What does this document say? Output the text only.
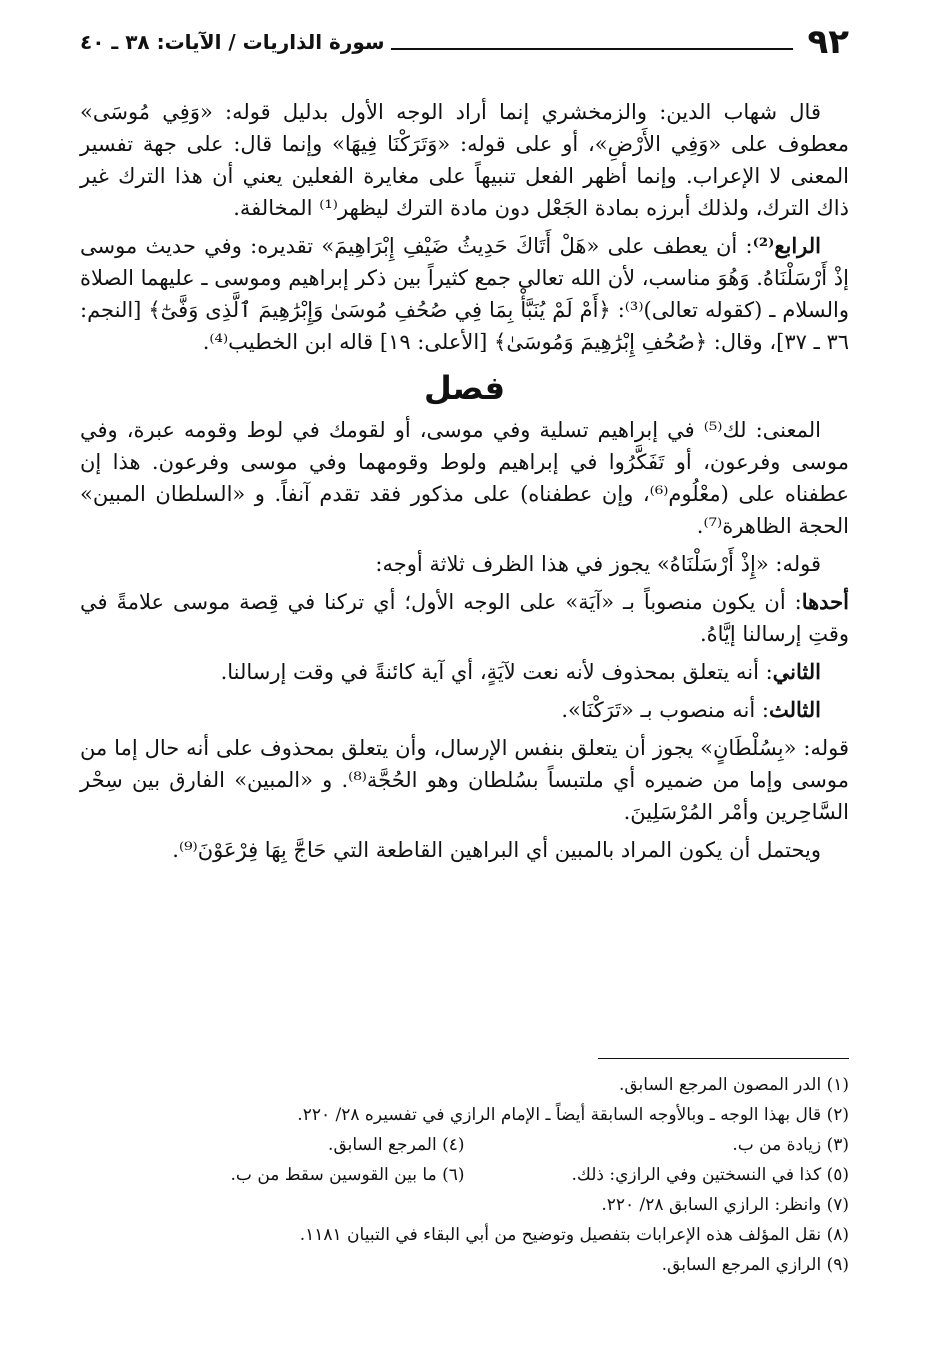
٩٢
سورة الذاريات / الآيات: ٣٨ ـ ٤٠

قال شهاب الدين: والزمخشري إنما أراد الوجه الأول بدليل قوله: «وَفِي مُوسَى» معطوف على «وَفِي الأَرْضِ»، أو على قوله: «وَتَرَكْنَا فِيهَا» وإنما قال: على جهة تفسير المعنى لا الإعراب. وإنما أظهر الفعل تنبيهاً على مغايرة الفعلين يعني أن هذا الترك غير ذاك الترك، ولذلك أبرزه بمادة الجَعْل دون مادة الترك ليظهر⁽¹⁾ المخالفة.

الرابع⁽²⁾: أن يعطف على «هَلْ أَتَاكَ حَدِيثُ ضَيْفِ إِبْرَاهِيمَ» تقديره: وفي حديث موسى إذْ أَرْسَلْنَاهُ. وَهُوَ مناسب، لأن الله تعالى جمع كثيراً بين ذكر إبراهيم وموسى ـ عليهما الصلاة والسلام ـ (كقوله تعالى)⁽³⁾: ﴿أَمْ لَمْ يُنَبَّأْ بِمَا فِي صُحُفِ مُوسَىٰ وَإِبْرَٰهِيمَ ٱلَّذِى وَفَّىٰٓ﴾ [النجم: ٣٦ ـ ٣٧]، وقال: ﴿صُحُفِ إِبْرَٰهِيمَ وَمُوسَىٰ﴾ [الأعلى: ١٩] قاله ابن الخطيب⁽⁴⁾.

فصل

المعنى: لك⁽⁵⁾ في إبراهيم تسلية وفي موسى، أو لقومك في لوط وقومه عبرة، وفي موسى وفرعون، أو تَفَكَّرُوا في إبراهيم ولوط وقومهما وفي موسى وفرعون. هذا إن عطفناه على (معْلُوم⁽⁶⁾، وإن عطفناه) على مذكور فقد تقدم آنفاً. و «السلطان المبين» الحجة الظاهرة⁽⁷⁾.

قوله: «إِذْ أَرْسَلْنَاهُ» يجوز في هذا الظرف ثلاثة أوجه:

أحدها: أن يكون منصوباً بـ «آيَة» على الوجه الأول؛ أي تركنا في قِصة موسى علامةً في وقتِ إرسالنا إيَّاهُ.

الثاني: أنه يتعلق بمحذوف لأنه نعت لآيَةٍ، أي آية كائنةً في وقت إرسالنا.

الثالث: أنه منصوب بـ «تَرَكْنَا».

قوله: «بِسُلْطَانٍ» يجوز أن يتعلق بنفس الإرسال، وأن يتعلق بمحذوف على أنه حال إما من موسى وإما من ضميره أي ملتبساً بسُلطان وهو الحُجَّة⁽⁸⁾. و «المبين» الفارق بين سِحْر السَّاحِرين وأمْر المُرْسَلِينَ.

ويحتمل أن يكون المراد بالمبين أي البراهين القاطعة التي حَاجَّ بِهَا فِرْعَوْنَ⁽⁹⁾.

(١) الدر المصون المرجع السابق.
(٢) قال بهذا الوجه ـ وبالأوجه السابقة أيضاً ـ الإمام الرازي في تفسيره ٢٨/ ٢٢٠.
(٣) زيادة من ب.
(٤) المرجع السابق.
(٥) كذا في النسختين وفي الرازي: ذلك.
(٦) ما بين القوسين سقط من ب.
(٧) وانظر: الرازي السابق ٢٨/ ٢٢٠.
(٨) نقل المؤلف هذه الإعرابات بتفصيل وتوضيح من أبي البقاء في التبيان ١١٨١.
(٩) الرازي المرجع السابق.
